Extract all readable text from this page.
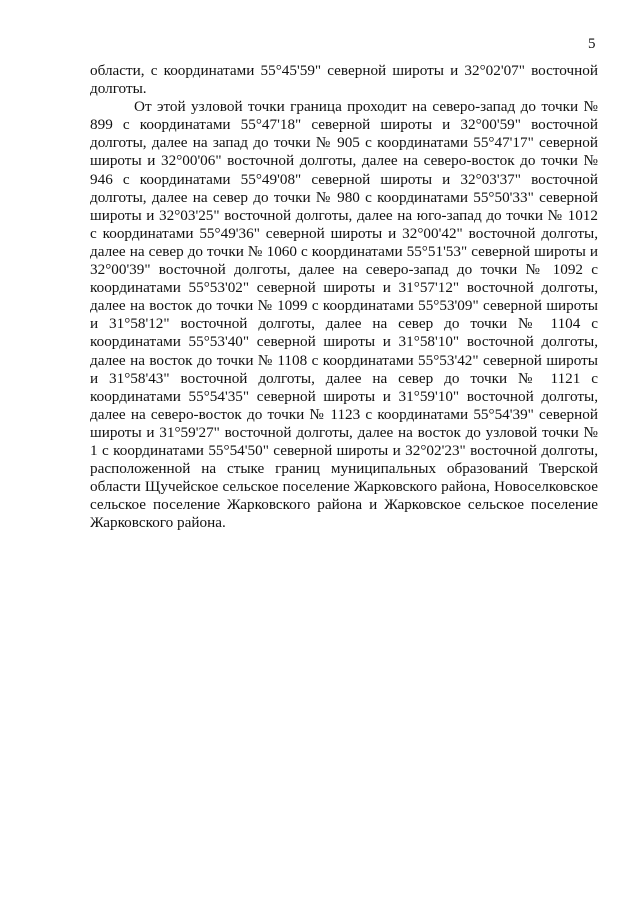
5

области, с координатами 55°45'59" северной широты и 32°02'07" восточной долготы.

От этой узловой точки граница проходит на северо-запад до точки № 899 с координатами 55°47'18" северной широты и 32°00'59" восточной долготы, далее на запад до точки № 905 с координатами 55°47'17" северной широты и 32°00'06" восточной долготы, далее на северо-восток до точки № 946 с координатами 55°49'08" северной широты и 32°03'37" восточной долготы, далее на север до точки № 980 с координатами 55°50'33" северной широты и 32°03'25" восточной долготы, далее на юго-запад до точки № 1012 с координатами 55°49'36" северной широты и 32°00'42" восточной долготы, далее на север до точки № 1060 с координатами 55°51'53" северной широты и 32°00'39" восточной долготы, далее на северо-запад до точки № 1092 с координатами 55°53'02" северной широты и 31°57'12" восточной долготы, далее на восток до точки № 1099 с координатами 55°53'09" северной широты и 31°58'12" восточной долготы, далее на север до точки № 1104 с координатами 55°53'40" северной широты и 31°58'10" восточной долготы, далее на восток до точки № 1108 с координатами 55°53'42" северной широты и 31°58'43" восточной долготы, далее на север до точки № 1121 с координатами 55°54'35" северной широты и 31°59'10" восточной долготы, далее на северо-восток до точки № 1123 с координатами 55°54'39" северной широты и 31°59'27" восточной долготы, далее на восток до узловой точки № 1 с координатами 55°54'50" северной широты и 32°02'23" восточной долготы, расположенной на стыке границ муниципальных образований Тверской области Щучейское сельское поселение Жарковского района, Новоселковское сельское поселение Жарковского района и Жарковское сельское поселение Жарковского района.
